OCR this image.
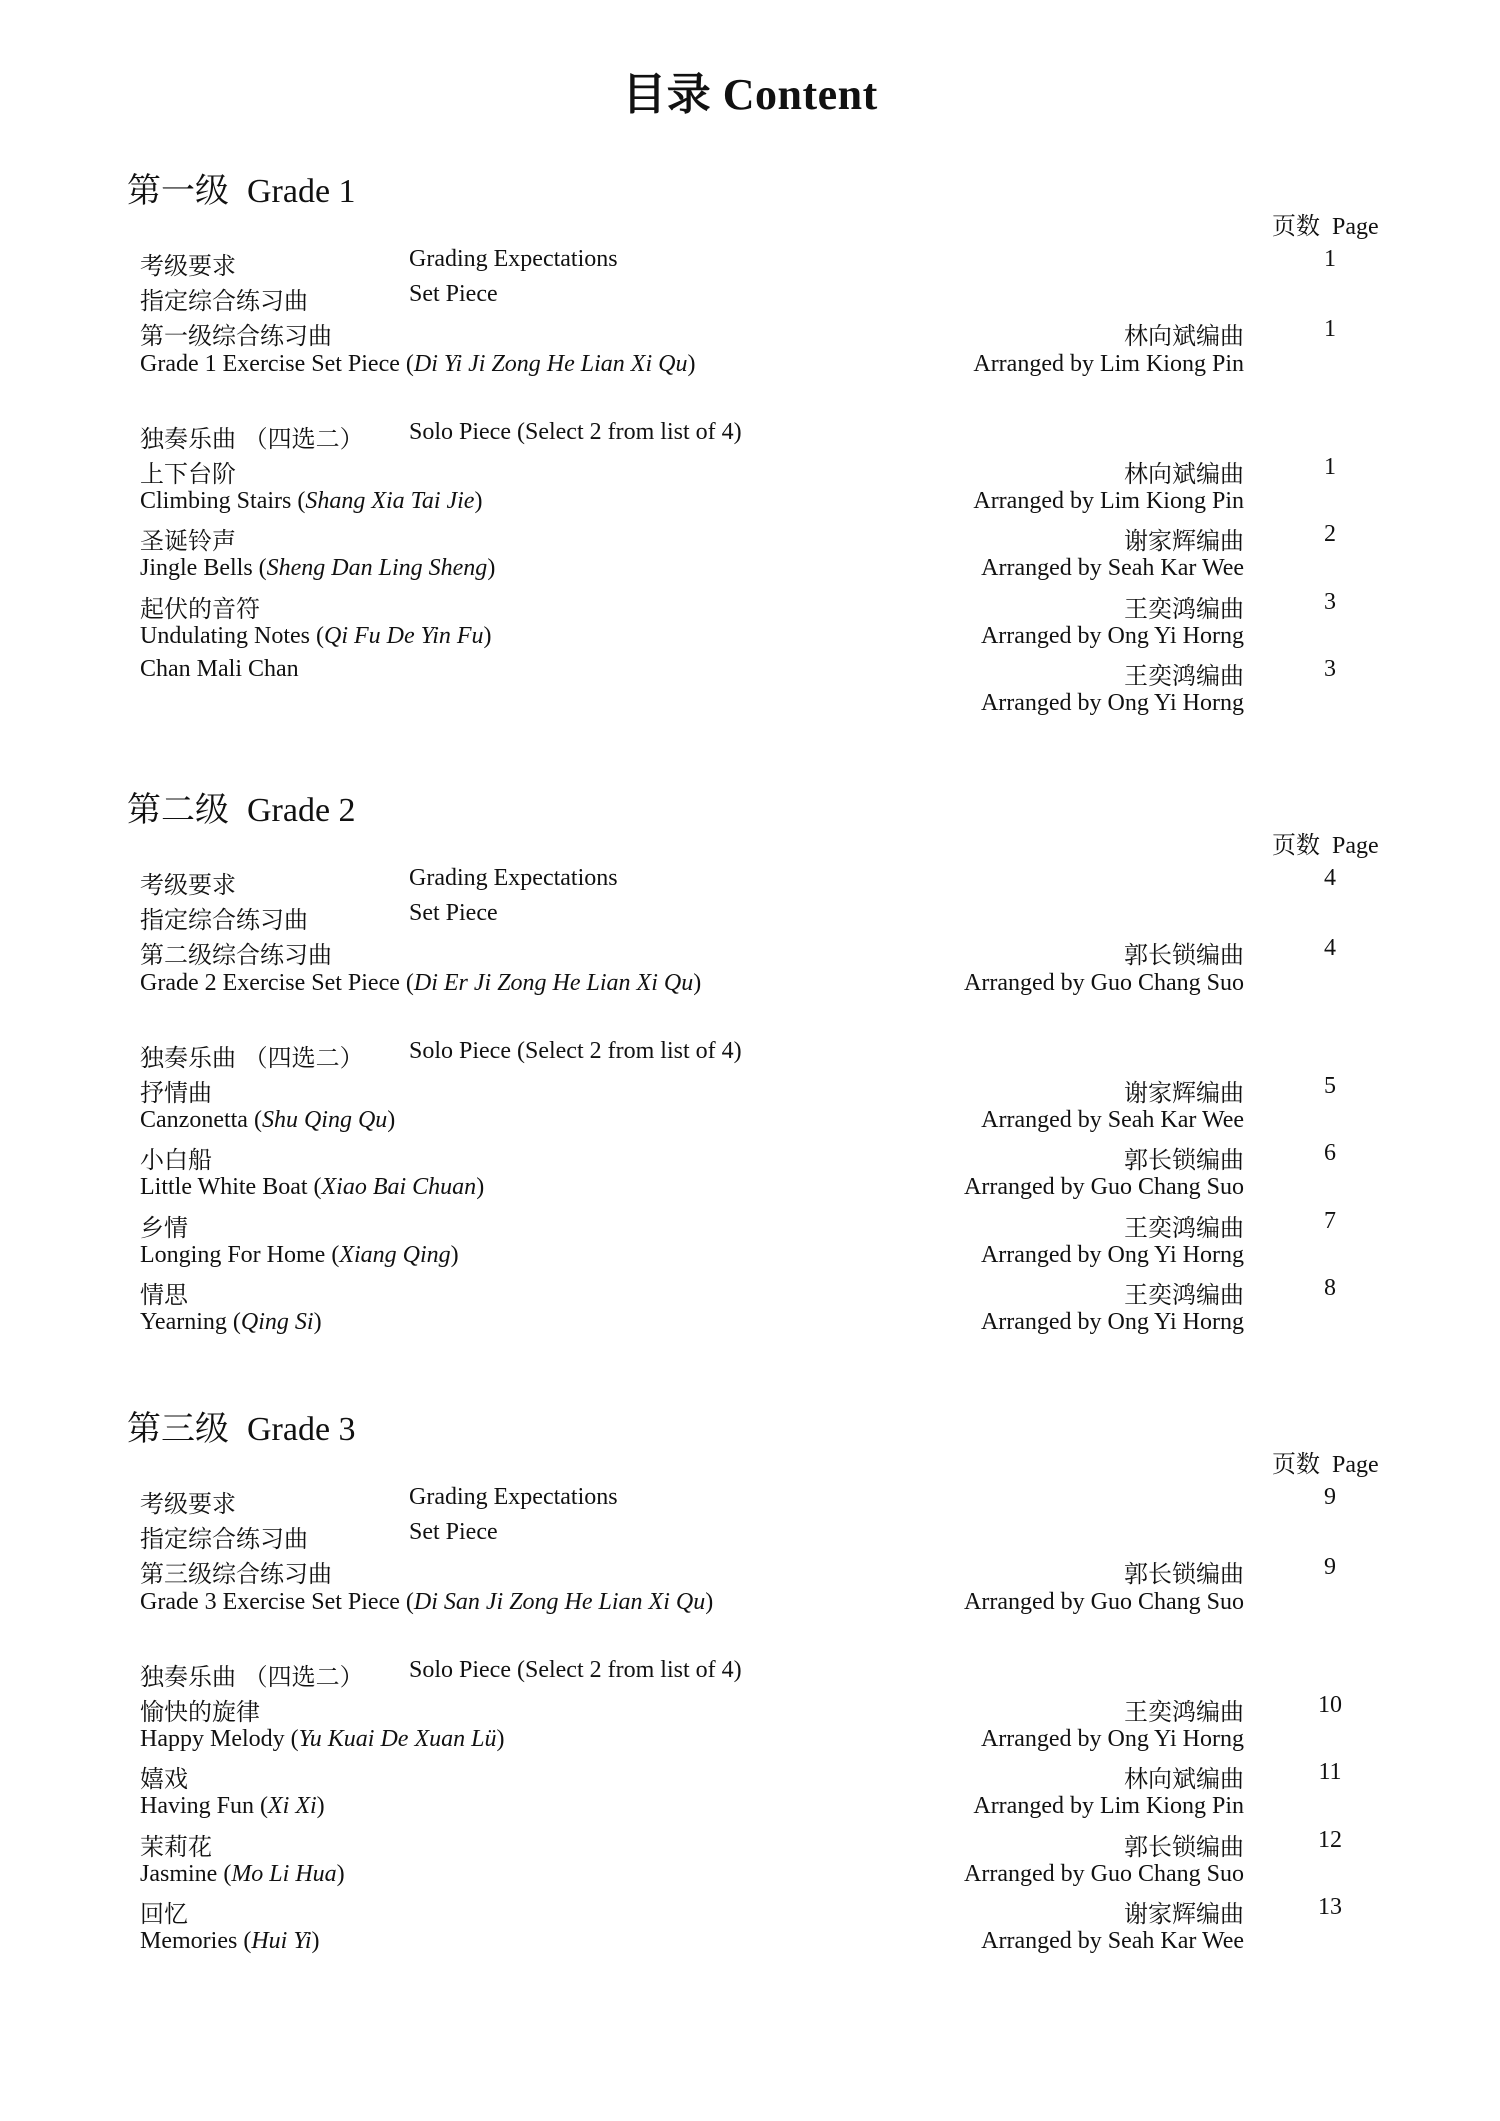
目录 Content
第一级 Grade 1
页数 Page
考级要求	Grading Expectations	1
指定综合练习曲	Set Piece
第一级综合练习曲	林向斌编曲	1
Grade 1 Exercise Set Piece (Di Yi Ji Zong He Lian Xi Qu)	Arranged by Lim Kiong Pin
独奏乐曲 （四选二） Solo Piece (Select 2 from list of 4)
上下台阶	林向斌编曲	1
Climbing Stairs (Shang Xia Tai Jie)	Arranged by Lim Kiong Pin
圣诞铃声	谢家辉编曲	2
Jingle Bells (Sheng Dan Ling Sheng)	Arranged by Seah Kar Wee
起伏的音符	王奕鸿编曲	3
Undulating Notes (Qi Fu De Yin Fu)	Arranged by Ong Yi Horng
Chan Mali Chan	王奕鸿编曲	3
Arranged by Ong Yi Horng
第二级 Grade 2
页数 Page
考级要求	Grading Expectations	4
指定综合练习曲	Set Piece
第二级综合练习曲	郭长锁编曲	4
Grade 2 Exercise Set Piece (Di Er Ji Zong He Lian Xi Qu)	Arranged by Guo Chang Suo
独奏乐曲 （四选二） Solo Piece (Select 2 from list of 4)
抒情曲	谢家辉编曲	5
Canzonetta (Shu Qing Qu)	Arranged by Seah Kar Wee
小白船	郭长锁编曲	6
Little White Boat (Xiao Bai Chuan)	Arranged by Guo Chang Suo
乡情	王奕鸿编曲	7
Longing For Home (Xiang Qing)	Arranged by Ong Yi Horng
情思	王奕鸿编曲	8
Yearning (Qing Si)	Arranged by Ong Yi Horng
第三级 Grade 3
页数 Page
考级要求	Grading Expectations	9
指定综合练习曲	Set Piece
第三级综合练习曲	郭长锁编曲	9
Grade 3 Exercise Set Piece (Di San Ji Zong He Lian Xi Qu)	Arranged by Guo Chang Suo
独奏乐曲 （四选二） Solo Piece (Select 2 from list of 4)
愉快的旋律	王奕鸿编曲	10
Happy Melody (Yu Kuai De Xuan Lü)	Arranged by Ong Yi Horng
嬉戏	林向斌编曲	11
Having Fun (Xi Xi)	Arranged by Lim Kiong Pin
茉莉花	郭长锁编曲	12
Jasmine (Mo Li Hua)	Arranged by Guo Chang Suo
回忆	谢家辉编曲	13
Memories (Hui Yi)	Arranged by Seah Kar Wee
